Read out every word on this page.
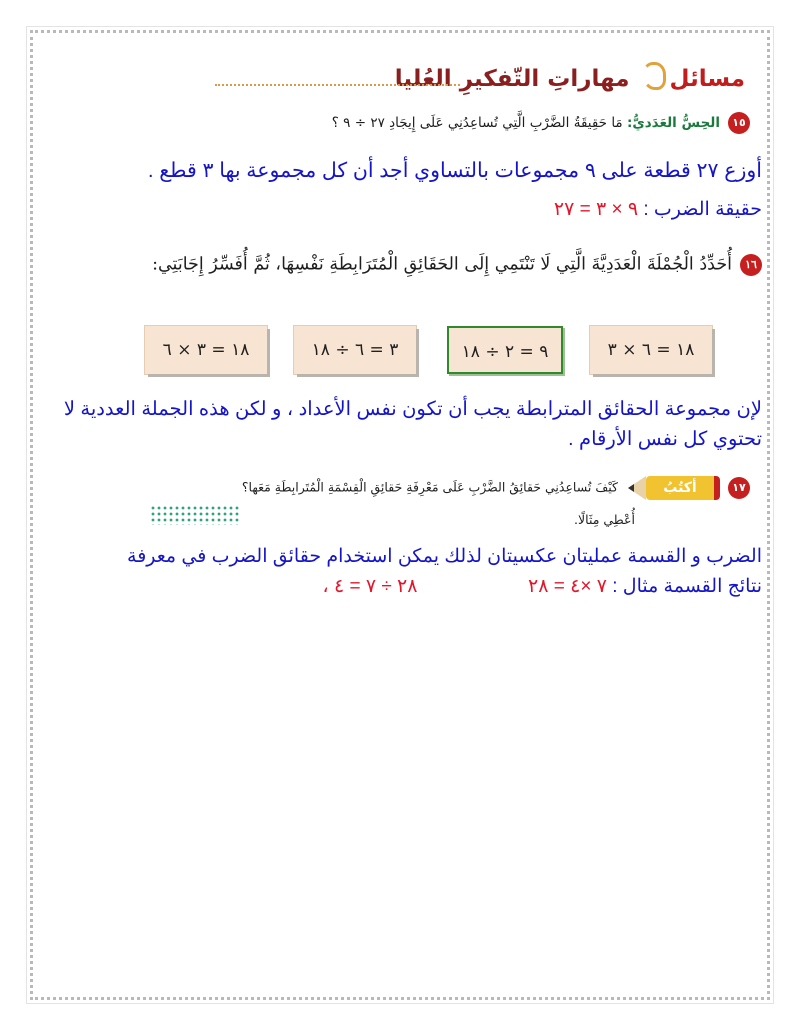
مسائل مهاراتِ التّفكيرِ العُليا
١٥الحِسُّ العَدَديُّ: مَا حَقِيقَةُ الضَّرْبِ الَّتِي تُساعِدُنِي عَلَى إِيجَادِ ٢٧ ÷ ٩ ؟
أوزع ٢٧ قطعة على ٩ مجموعات بالتساوي أجد أن كل مجموعة بها ٣ قطع .
حقيقة الضرب : ٩ × ٣ = ٢٧
١٦أُحَدِّدُ الْجُمْلَةَ الْعَدَدِيَّةَ الَّتِي لَا تَنْتَمِي إِلَى الحَقَائِقِ الْمُتَرَابِطَةِ نَفْسِهَا، ثُمَّ أُفَسِّرُ إِجَابَتِي:
١٨ = ٣ × ٦	٣ = ٦ ÷ ١٨	٩ = ٢ ÷ ١٨	١٨ = ٦ × ٣
لإن مجموعة الحقائق المترابطة يجب أن تكون نفس الأعداد ، و لكن هذه الجملة العددية لا تحتوي كل نفس الأرقام .
١٧
أكتُبُ
كَيْفَ تُساعِدُنِي حَقائِقُ الضَّرْبِ عَلَى مَعْرِفَةِ حَقائِقِ الْقِسْمَةِ الْمُتَرابِطَةِ مَعَها؟
أُعْطِي مِثَالًا.
الضرب و القسمة عمليتان عكسيتان لذلك يمكن استخدام حقائق الضرب في معرفة
نتائج القسمة مثال : ٧ ×٤ = ٢٨  ٢٨ ÷ ٧ = ٤ ،
